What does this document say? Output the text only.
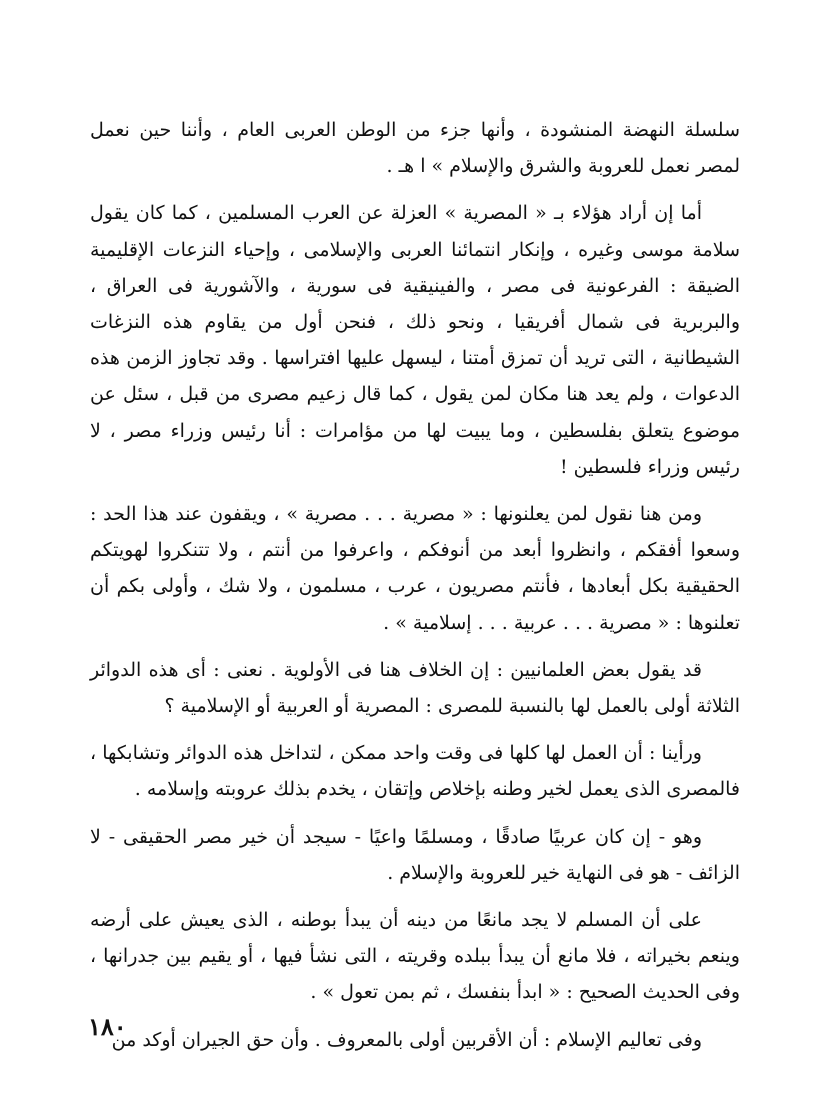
سلسلة النهضة المنشودة ، وأنها جزء من الوطن العربى العام ، وأننا حين نعمل لمصر نعمل للعروبة والشرق والإسلام » ا هـ .

أما إن أراد هؤلاء بـ « المصرية » العزلة عن العرب المسلمين ، كما كان يقول سلامة موسى وغيره ، وإنكار انتمائنا العربى والإسلامى ، وإحياء النزعات الإقليمية الضيقة : الفرعونية فى مصر ، والفينيقية فى سورية ، والآشورية فى العراق ، والبربرية فى شمال أفريقيا ، ونحو ذلك ، فنحن أول من يقاوم هذه النزغات الشيطانية ، التى تريد أن تمزق أمتنا ، ليسهل عليها افتراسها . وقد تجاوز الزمن هذه الدعوات ، ولم يعد هنا مكان لمن يقول ، كما قال زعيم مصرى من قبل ، سئل عن موضوع يتعلق بفلسطين ، وما يبيت لها من مؤامرات : أنا رئيس وزراء مصر ، لا رئيس وزراء فلسطين !

ومن هنا نقول لمن يعلنونها : « مصرية . . . مصرية » ، ويقفون عند هذا الحد : وسعوا أفقكم ، وانظروا أبعد من أنوفكم ، واعرفوا من أنتم ، ولا تتنكروا لهويتكم الحقيقية بكل أبعادها ، فأنتم مصريون ، عرب ، مسلمون ، ولا شك ، وأولى بكم أن تعلنوها : « مصرية . . . عربية . . . إسلامية » .

قد يقول بعض العلمانيين : إن الخلاف هنا فى الأولوية . نعنى : أى هذه الدوائر الثلاثة أولى بالعمل لها بالنسبة للمصرى : المصرية أو العربية أو الإسلامية ؟

ورأينا : أن العمل لها كلها فى وقت واحد ممكن ، لتداخل هذه الدوائر وتشابكها ، فالمصرى الذى يعمل لخير وطنه بإخلاص وإتقان ، يخدم بذلك عروبته وإسلامه .

وهو - إن كان عربيًا صادقًا ، ومسلمًا واعيًا - سيجد أن خير مصر الحقيقى - لا الزائف - هو فى النهاية خير للعروبة والإسلام .

على أن المسلم لا يجد مانعًا من دينه أن يبدأ بوطنه ، الذى يعيش على أرضه وينعم بخيراته ، فلا مانع أن يبدأ ببلده وقريته ، التى نشأ فيها ، أو يقيم بين جدرانها ، وفى الحديث الصحيح : « ابدأ بنفسك ، ثم بمن تعول » .

وفى تعاليم الإسلام : أن الأقربين أولى بالمعروف . وأن حق الجيران أوكد من

١٨٠
